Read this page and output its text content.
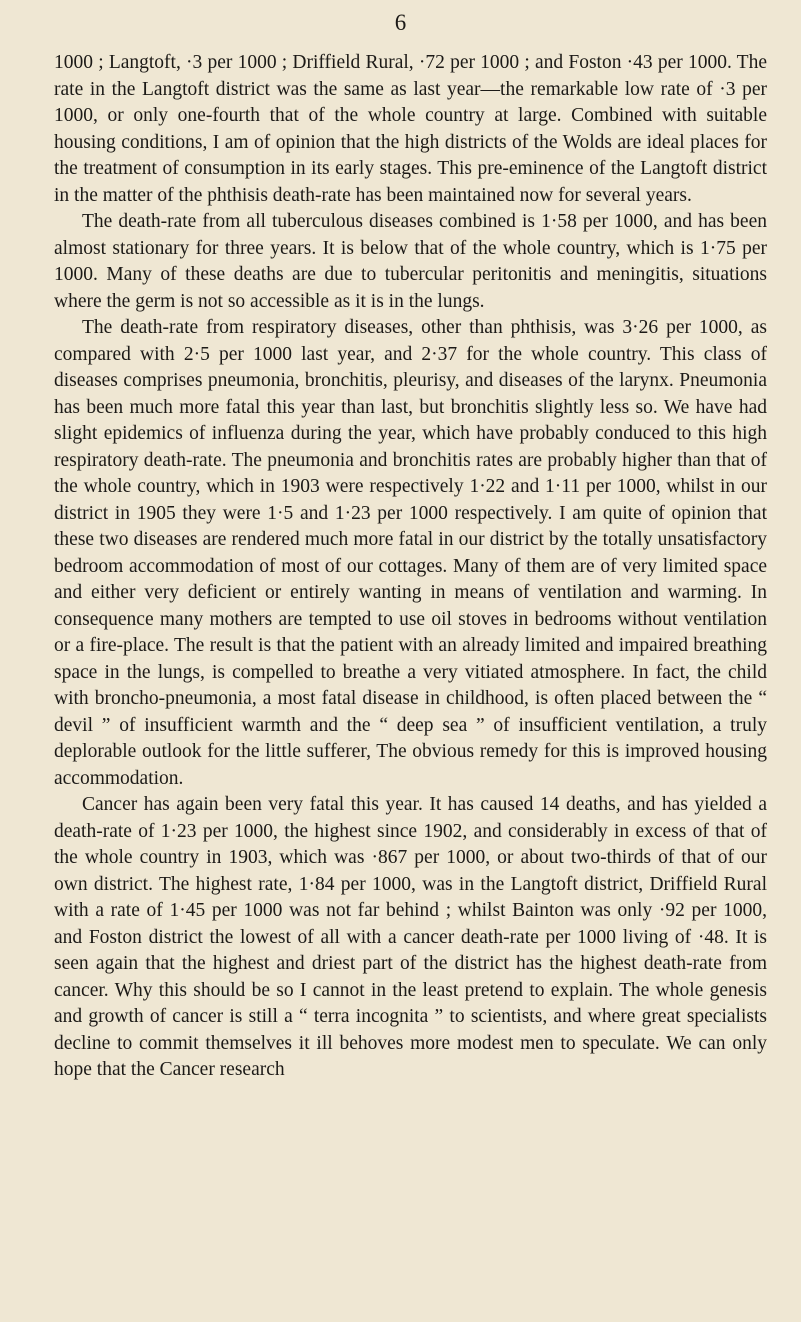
6

1000 ; Langtoft, ·3 per 1000 ; Driffield Rural, ·72 per 1000 ; and Foston ·43 per 1000. The rate in the Langtoft district was the same as last year—the remarkable low rate of ·3 per 1000, or only one-fourth that of the whole country at large. Combined with suitable housing conditions, I am of opinion that the high districts of the Wolds are ideal places for the treatment of consumption in its early stages. This pre-eminence of the Langtoft district in the matter of the phthisis death-rate has been maintained now for several years.

The death-rate from all tuberculous diseases combined is 1·58 per 1000, and has been almost stationary for three years. It is below that of the whole country, which is 1·75 per 1000. Many of these deaths are due to tubercular peritonitis and meningitis, situations where the germ is not so accessible as it is in the lungs.

The death-rate from respiratory diseases, other than phthisis, was 3·26 per 1000, as compared with 2·5 per 1000 last year, and 2·37 for the whole country. This class of diseases comprises pneumonia, bronchitis, pleurisy, and diseases of the larynx. Pneumonia has been much more fatal this year than last, but bronchitis slightly less so. We have had slight epidemics of influenza during the year, which have probably conduced to this high respiratory death-rate. The pneumonia and bronchitis rates are probably higher than that of the whole country, which in 1903 were respectively 1·22 and 1·11 per 1000, whilst in our district in 1905 they were 1·5 and 1·23 per 1000 respectively. I am quite of opinion that these two diseases are rendered much more fatal in our district by the totally unsatisfactory bedroom accommodation of most of our cottages. Many of them are of very limited space and either very deficient or entirely wanting in means of ventilation and warming. In consequence many mothers are tempted to use oil stoves in bedrooms without ventilation or a fire-place. The result is that the patient with an already limited and impaired breathing space in the lungs, is compelled to breathe a very vitiated atmosphere. In fact, the child with broncho-pneumonia, a most fatal disease in childhood, is often placed between the “ devil ” of insufficient warmth and the “ deep sea ” of insufficient ventilation, a truly deplorable outlook for the little sufferer, The obvious remedy for this is improved housing accommodation.

Cancer has again been very fatal this year. It has caused 14 deaths, and has yielded a death-rate of 1·23 per 1000, the highest since 1902, and considerably in excess of that of the whole country in 1903, which was ·867 per 1000, or about two-thirds of that of our own district. The highest rate, 1·84 per 1000, was in the Langtoft district, Driffield Rural with a rate of 1·45 per 1000 was not far behind ; whilst Bainton was only ·92 per 1000, and Foston district the lowest of all with a cancer death-rate per 1000 living of ·48. It is seen again that the highest and driest part of the district has the highest death-rate from cancer. Why this should be so I cannot in the least pretend to explain. The whole genesis and growth of cancer is still a “ terra incognita ” to scientists, and where great specialists decline to commit themselves it ill behoves more modest men to speculate. We can only hope that the Cancer research
